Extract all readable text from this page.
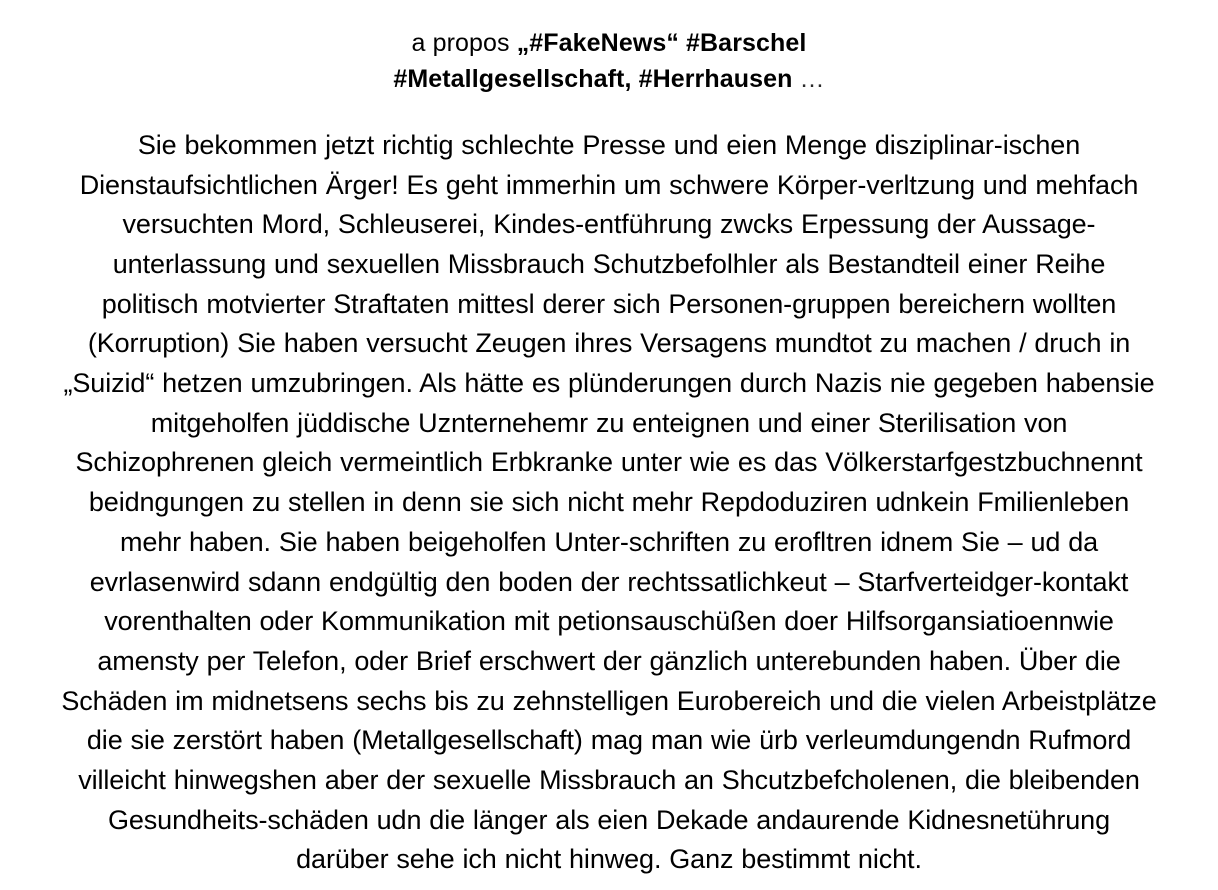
a propos „#FakeNews“ #Barschel
#Metallgesellschaft, #Herrhausen …
Sie bekommen jetzt richtig schlechte Presse und eien Menge disziplinar-ischen
Dienstaufsichtlichen Ärger! Es geht immerhin um schwere Körper-verltzung und mehfach
versuchten Mord, Schleuserei, Kindes-entführung zwcks Erpessung der Aussage-
unterlassung und sexuellen Missbrauch Schutzbefolhler als Bestandteil einer Reihe
politisch motvierter Straftaten mittesl derer sich Personen-gruppen bereichern wollten
(Korruption) Sie haben versucht Zeugen ihres Versagens mundtot zu machen / druch in
„Suizid“ hetzen umzubringen. Als hätte es plünderungen durch Nazis nie gegeben habensie
mitgeholfen jüddische Uznternehemr zu enteignen und einer Sterilisation von
Schizophrenen gleich vermeintlich Erbkranke unter wie es das Völkerstarfgestzbuchnennt
beidngungen zu stellen in denn sie sich nicht mehr Repdoduziren udnkein Fmilienleben
mehr haben. Sie haben beigeholfen Unter-schriften zu erofltren idnem Sie – ud da
evrlasenwird sdann endgültig den boden der rechtssatlichkeut – Starfverteidger-kontakt
vorenthalten oder Kommunikation mit petionsauschüßen doer Hilfsorgansiatioennwie
amensty per Telefon, oder Brief erschwert der gänzlich unterebunden haben. Über die
Schäden im midnetsens sechs bis zu zehnstelligen Eurobereich und die vielen Arbeistplätze
die sie zerstört haben (Metallgesellschaft) mag man wie ürb verleumdungendn Rufmord
villeicht hinwegshen aber der sexuelle Missbrauch an Shcutzbefcholenen, die bleibenden
Gesundheits-schäden udn die länger als eien Dekade andaurende Kidnesnetührung
darüber sehe ich nicht hinweg. Ganz bestimmt nicht.
